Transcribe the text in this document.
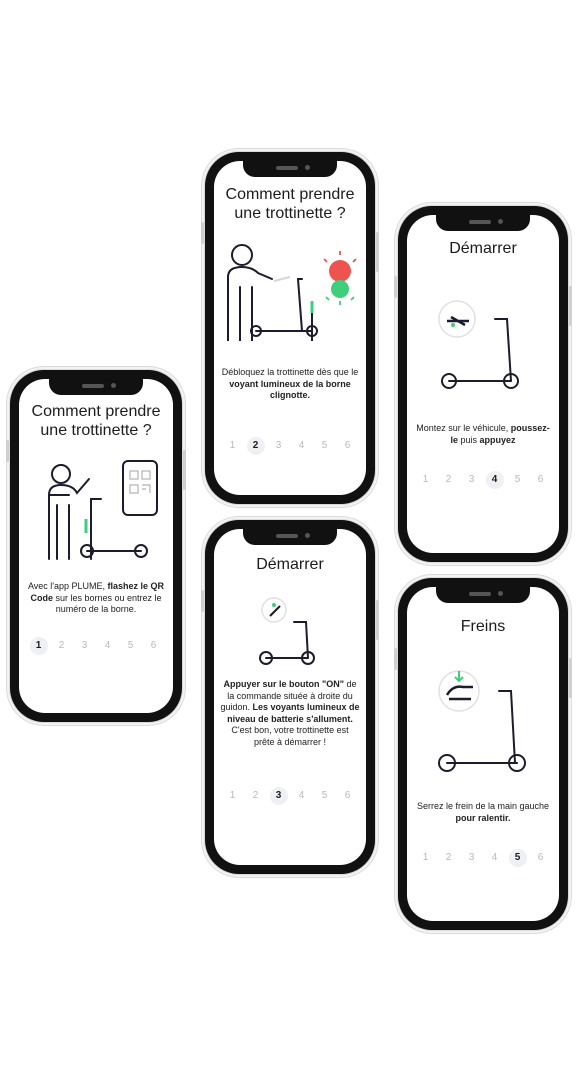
Comment prendre une trottinette ?
Avec l'app PLUME, flashez le QR Code sur les bornes ou entrez le numéro de la borne.
1	2	3	4	5	6
Comment prendre une trottinette ?
Débloquez la trottinette dès que le voyant lumineux de la borne clignotte.
1	2	3	4	5	6
Démarrer
Appuyer sur le bouton "ON" de la commande située à droite du guidon. Les voyants lumineux de niveau de batterie s'allument. C'est bon, votre trottinette est prête à démarrer !
1	2	3	4	5	6
Démarrer
Montez sur le véhicule, poussez-le puis appuyez
1	2	3	4	5	6
Freins
Serrez le frein de la main gauche pour ralentir.
1	2	3	4	5	6
